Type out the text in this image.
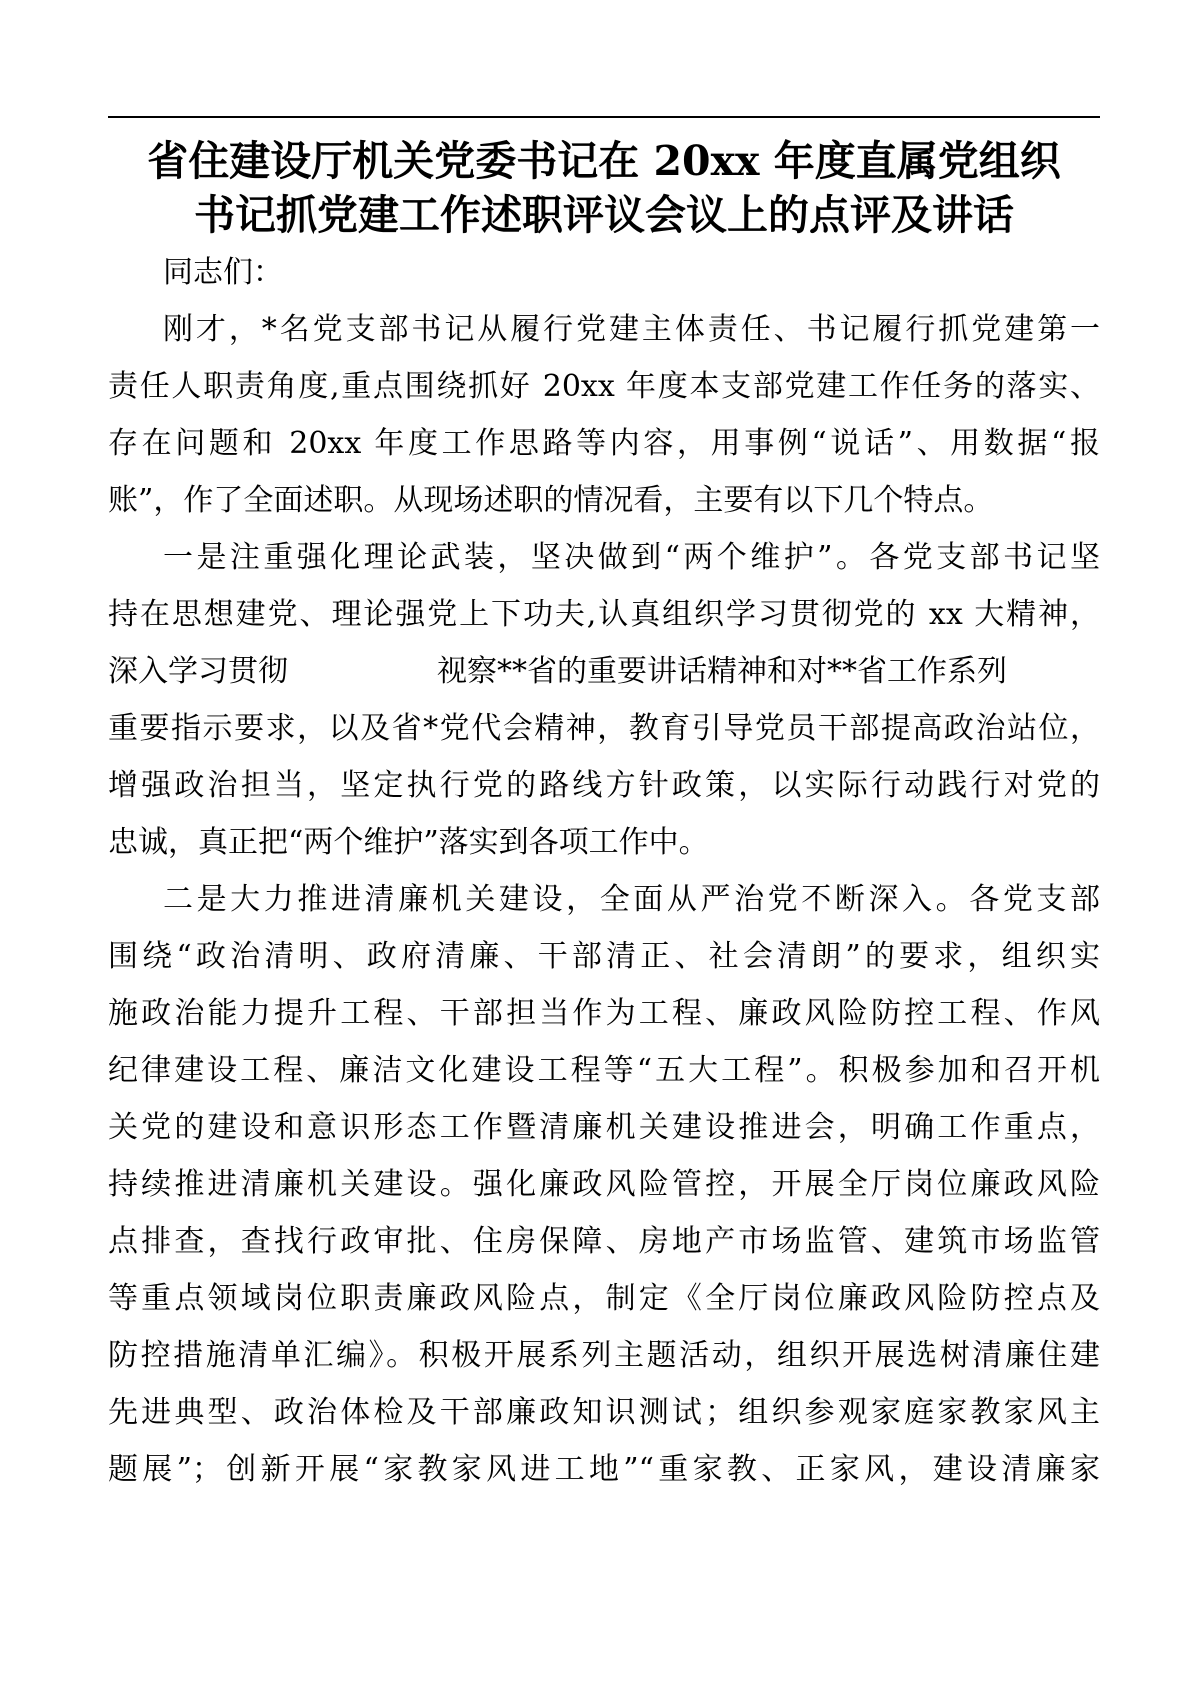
省住建设厅机关党委书记在 20xx 年度直属党组织
书记抓党建工作述职评议会议上的点评及讲话
同志们：
刚才，*名党支部书记从履行党建主体责任、书记履行抓党建第一
责任人职责角度,重点围绕抓好 20xx 年度本支部党建工作任务的落实、
存在问题和 20xx 年度工作思路等内容，用事例“说话”、用数据“报
账”，作了全面述职。从现场述职的情况看，主要有以下几个特点。
一是注重强化理论武装，坚决做到“两个维护”。各党支部书记坚
持在思想建党、理论强党上下功夫,认真组织学习贯彻党的 xx 大精神，
深入学习贯彻	视察**省的重要讲话精神和对**省工作系列
重要指示要求，以及省*党代会精神，教育引导党员干部提高政治站位，
增强政治担当，坚定执行党的路线方针政策，以实际行动践行对党的
忠诚，真正把“两个维护”落实到各项工作中。
二是大力推进清廉机关建设，全面从严治党不断深入。各党支部
围绕“政治清明、政府清廉、干部清正、社会清朗”的要求，组织实
施政治能力提升工程、干部担当作为工程、廉政风险防控工程、作风
纪律建设工程、廉洁文化建设工程等“五大工程”。积极参加和召开机
关党的建设和意识形态工作暨清廉机关建设推进会，明确工作重点，
持续推进清廉机关建设。强化廉政风险管控，开展全厅岗位廉政风险
点排查，查找行政审批、住房保障、房地产市场监管、建筑市场监管
等重点领域岗位职责廉政风险点，制定《全厅岗位廉政风险防控点及
防控措施清单汇编》。积极开展系列主题活动，组织开展选树清廉住建
先进典型、政治体检及干部廉政知识测试；组织参观家庭家教家风主
题展”；创新开展“家教家风进工地”“重家教、正家风，建设清廉家
